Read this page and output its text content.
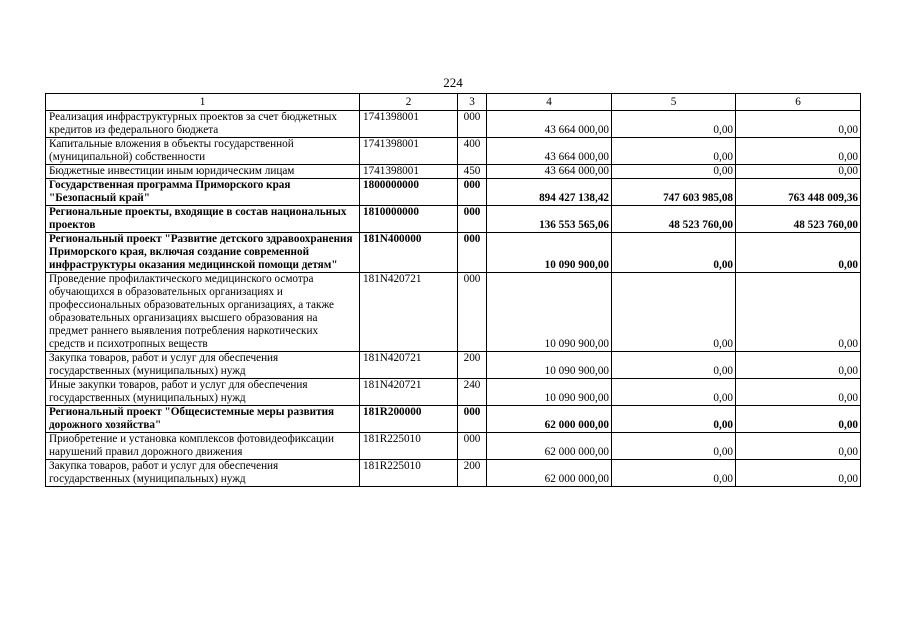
224
1	2	3	4	5	6
Реализация инфраструктурных проектов за счет бюджетных кредитов из федерального бюджета	1741398001	000	43 664 000,00	0,00	0,00
Капитальные вложения в объекты государственной (муниципальной) собственности	1741398001	400	43 664 000,00	0,00	0,00
Бюджетные инвестиции иным юридическим лицам	1741398001	450	43 664 000,00	0,00	0,00
Государственная программа Приморского края "Безопасный край"	1800000000	000	894 427 138,42	747 603 985,08	763 448 009,36
Региональные проекты, входящие в состав национальных проектов	1810000000	000	136 553 565,06	48 523 760,00	48 523 760,00
Региональный проект "Развитие детского здравоохранения Приморского края, включая создание современной инфраструктуры оказания медицинской помощи детям"	181N400000	000	10 090 900,00	0,00	0,00
Проведение профилактического медицинского осмотра обучающихся в образовательных организациях и профессиональных образовательных организациях, а также образовательных организациях высшего образования на предмет раннего выявления потребления наркотических средств и психотропных веществ	181N420721	000	10 090 900,00	0,00	0,00
Закупка товаров, работ и услуг для обеспечения государственных (муниципальных) нужд	181N420721	200	10 090 900,00	0,00	0,00
Иные закупки товаров, работ и услуг для обеспечения государственных (муниципальных) нужд	181N420721	240	10 090 900,00	0,00	0,00
Региональный проект "Общесистемные меры развития дорожного хозяйства"	181R200000	000	62 000 000,00	0,00	0,00
Приобретение и установка комплексов фотовидеофиксации нарушений правил дорожного движения	181R225010	000	62 000 000,00	0,00	0,00
Закупка товаров, работ и услуг для обеспечения государственных (муниципальных) нужд	181R225010	200	62 000 000,00	0,00	0,00
